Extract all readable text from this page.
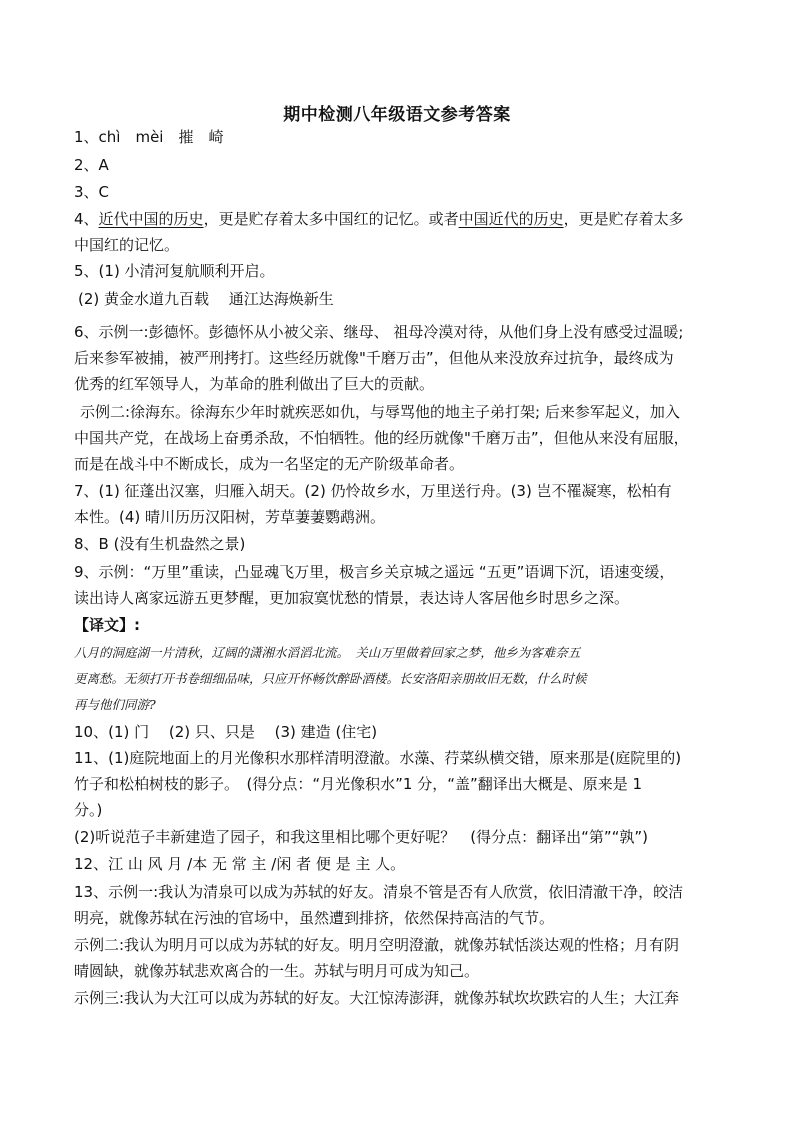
期中检测八年级语文参考答案
1、chì　mèi　摧　崎
2、A
3、C
4、近代中国的历史，更是贮存着太多中国红的记忆。或者中国近代的历史，更是贮存着太多
中国红的记忆。
5、(1) 小清河复航顺利开启。
(2) 黄金水道九百载　 通江达海焕新生
6、示例一:彭德怀。彭德怀从小被父亲、继母、 祖母冷漠对待，从他们身上没有感受过温暖;
后来参军被捕，被严刑拷打。这些经历就像"千磨万击”，但他从来没放弃过抗争，最终成为
优秀的红军领导人，为革命的胜利做出了巨大的贡献。
示例二:徐海东。徐海东少年时就疾恶如仇，与辱骂他的地主子弟打架; 后来参军起义，加入
中国共产党，在战场上奋勇杀敌，不怕牺牲。他的经历就像"千磨万击”，但他从来没有屈服，
而是在战斗中不断成长，成为一名坚定的无产阶级革命者。
7、(1) 征蓬出汉塞，归雁入胡天。(2) 仍怜故乡水，万里送行舟。(3) 岂不罹凝寒，松柏有
本性。(4) 晴川历历汉阳树，芳草萋萋鹦鹉洲。
8、B (没有生机盎然之景)
9、示例：“万里”重读，凸显魂飞万里，极言乡关京城之遥远 “五更”语调下沉，语速变缓，
读出诗人离家远游五更梦醒，更加寂寞忧愁的情景，表达诗人客居他乡时思乡之深。
【译文】:
八月的洞庭湖一片清秋，辽阔的潇湘水滔滔北流。　关山万里做着回家之梦，他乡为客难奈五
更离愁。无须打开书卷细细品味，只应开怀畅饮醉卧酒楼。长安洛阳亲朋故旧无数，什么时候
再与他们同游?
10、(1) 门　 (2) 只、只是　 (3) 建造 (住宅)
11、(1)庭院地面上的月光像积水那样清明澄澈。水藻、荇菜纵横交错，原来那是(庭院里的)
竹子和松柏树枝的影子。　(得分点：“月光像积水”1 分，“盖”翻译出大概是、原来是 1
分。)
(2)听说范子丰新建造了园子，和我这里相比哪个更好呢？　(得分点：翻译出“第”“孰”)
12、江 山 风 月 /本 无 常 主 /闲 者 便 是 主 人。
13、示例一:我认为清泉可以成为苏轼的好友。清泉不管是否有人欣赏，依旧清澈干净，皎洁
明亮，就像苏轼在污浊的官场中，虽然遭到排挤，依然保持高洁的气节。
示例二:我认为明月可以成为苏轼的好友。明月空明澄澈，就像苏轼恬淡达观的性格；月有阴
晴圆缺，就像苏轼悲欢离合的一生。苏轼与明月可成为知己。
示例三:我认为大江可以成为苏轼的好友。大江惊涛澎湃，就像苏轼坎坎跌宕的人生；大江奔
